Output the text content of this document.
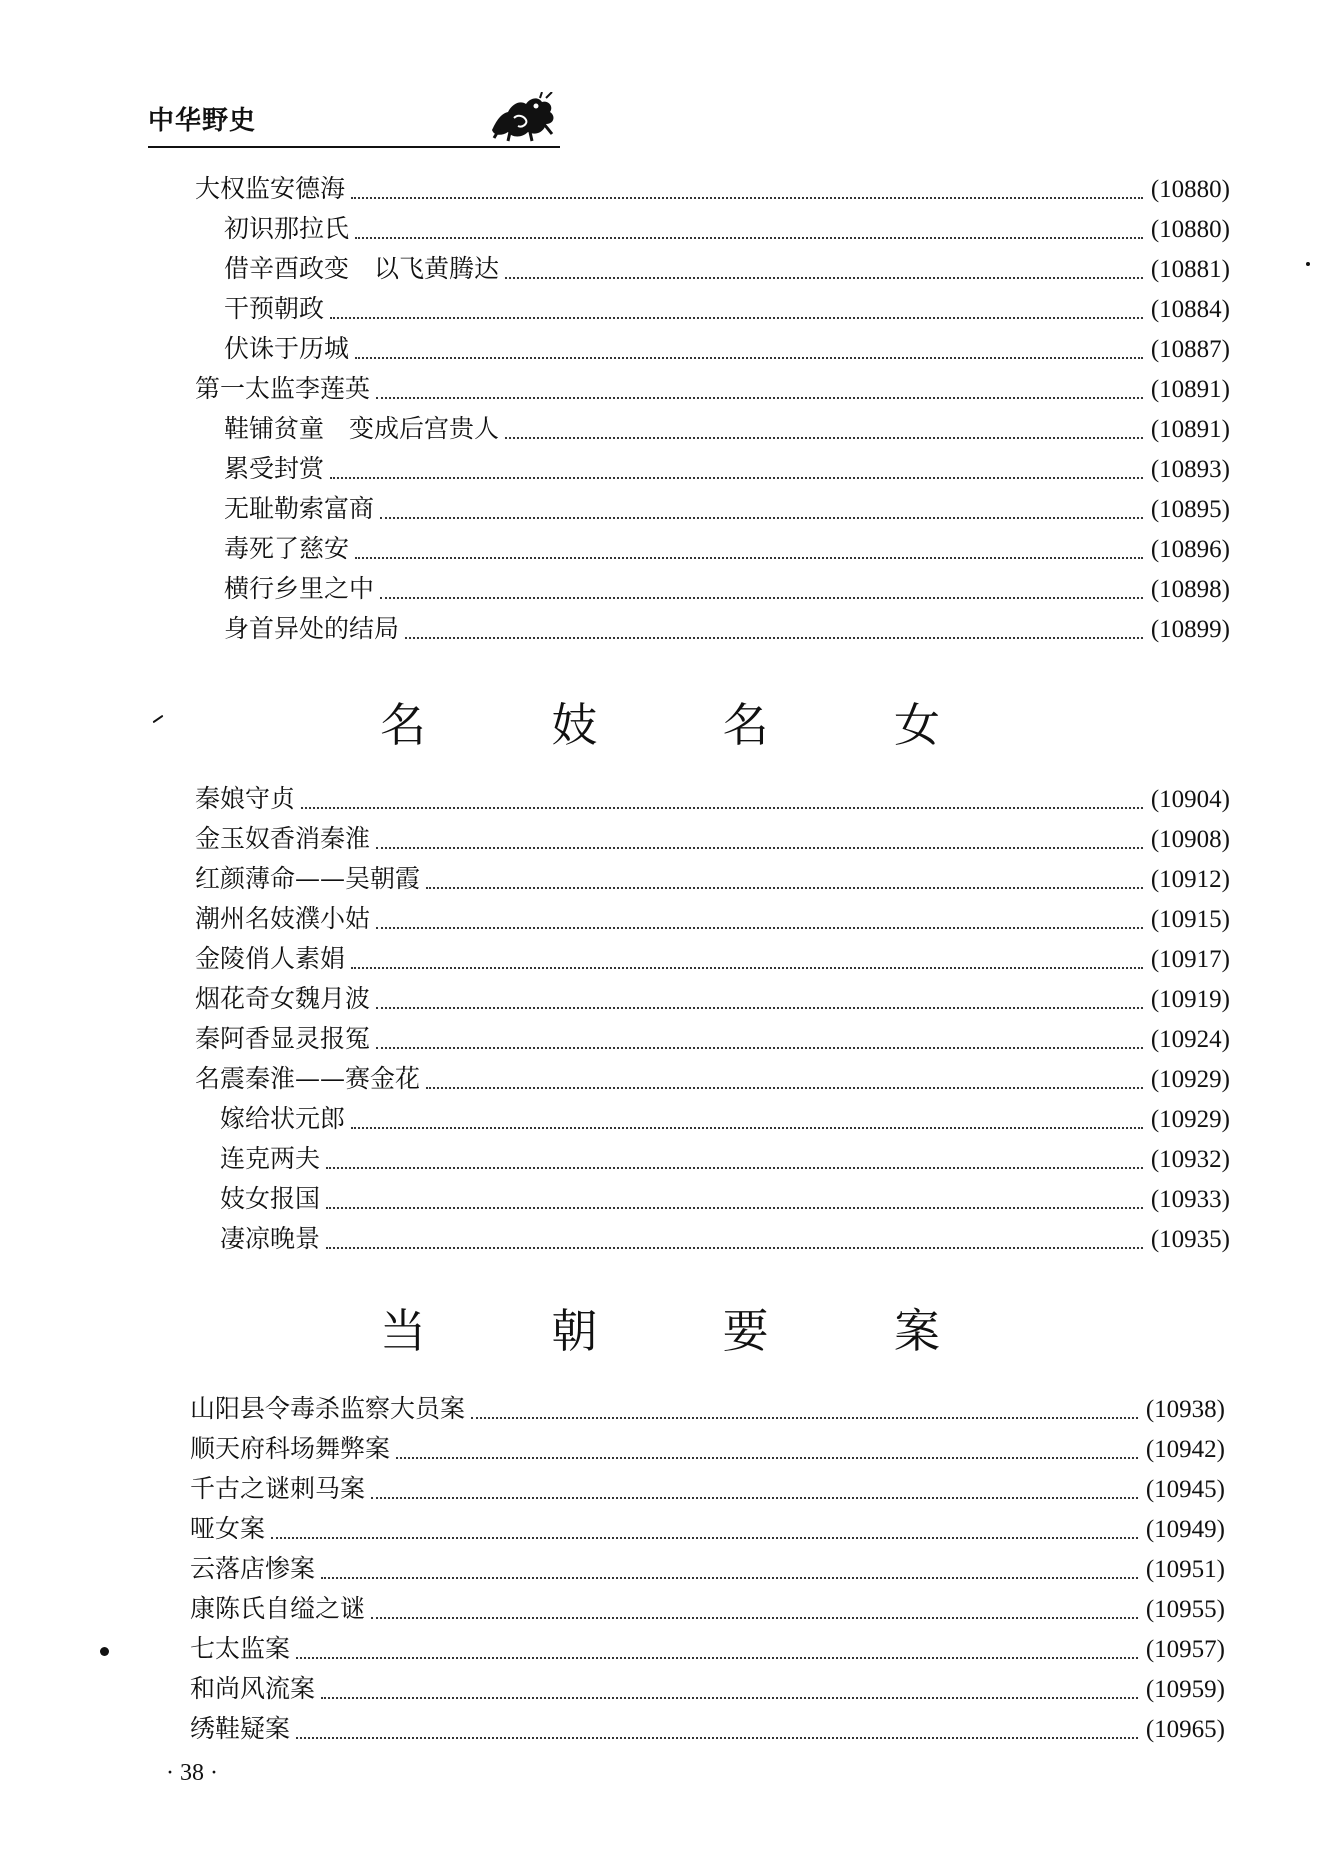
中华野史
大权监安德海	(10880)
初识那拉氏	(10880)
借辛酉政变　以飞黄腾达	(10881)
干预朝政	(10884)
伏诛于历城	(10887)
第一太监李莲英	(10891)
鞋铺贫童　变成后宫贵人	(10891)
累受封赏	(10893)
无耻勒索富商	(10895)
毒死了慈安	(10896)
横行乡里之中	(10898)
身首异处的结局	(10899)
名	妓	名	女
秦娘守贞	(10904)
金玉奴香消秦淮	(10908)
红颜薄命——吴朝霞	(10912)
潮州名妓濮小姑	(10915)
金陵俏人素娟	(10917)
烟花奇女魏月波	(10919)
秦阿香显灵报冤	(10924)
名震秦淮——赛金花	(10929)
嫁给状元郎	(10929)
连克两夫	(10932)
妓女报国	(10933)
凄凉晚景	(10935)
当	朝	要	案
山阳县令毒杀监察大员案	(10938)
顺天府科场舞弊案	(10942)
千古之谜刺马案	(10945)
哑女案	(10949)
云落店惨案	(10951)
康陈氏自缢之谜	(10955)
七太监案	(10957)
和尚风流案	(10959)
绣鞋疑案	(10965)
· 38 ·
